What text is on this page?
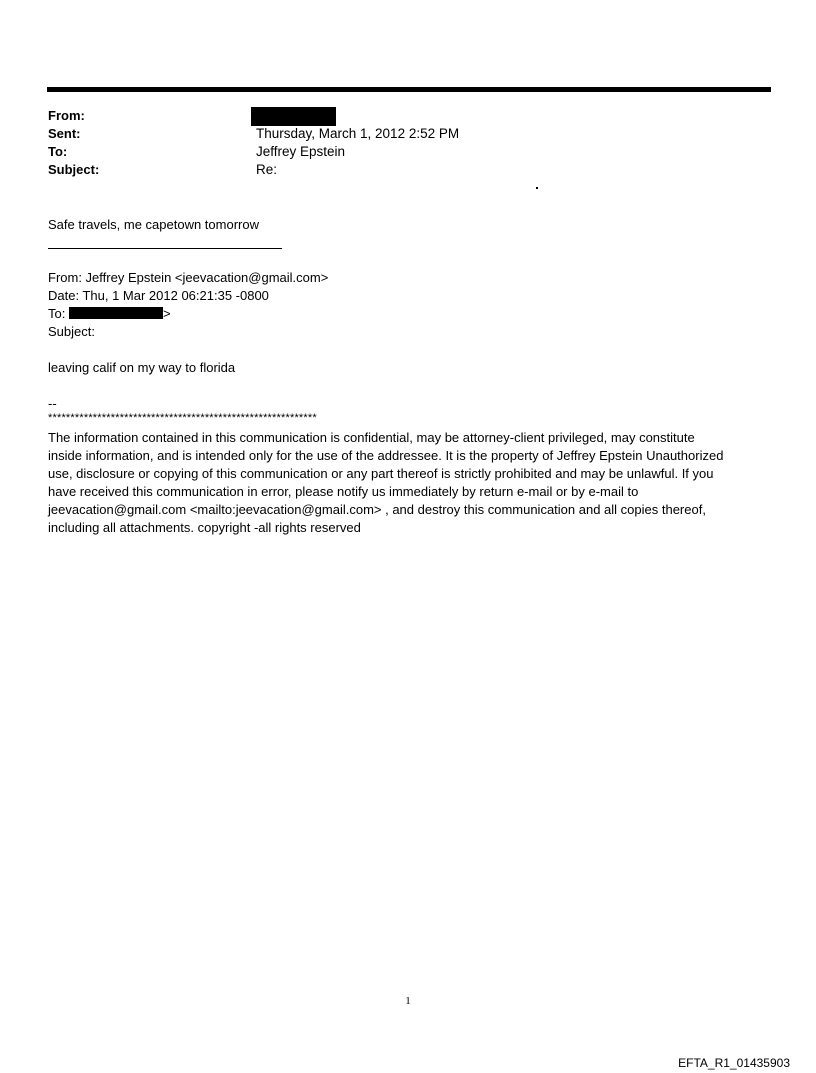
From:
Sent:	Thursday, March 1, 2012 2:52 PM
To:	Jeffrey Epstein
Subject:	Re:
Safe travels, me capetown tomorrow
From: Jeffrey Epstein <jeevacation@gmail.com>
Date: Thu, 1 Mar 2012 06:21:35 -0800
To:	>
Subject:
leaving calif on my way to florida
--
************************************************************
The information contained in this communication is confidential, may be attorney-client privileged, may constitute
inside information, and is intended only for the use of the addressee. It is the property of Jeffrey Epstein Unauthorized
use, disclosure or copying of this communication or any part thereof is strictly prohibited and may be unlawful. If you
have received this communication in error, please notify us immediately by return e-mail or by e-mail to
jeevacation@gmail.com <mailto:jeevacation@gmail.com> , and destroy this communication and all copies thereof,
including all attachments. copyright -all rights reserved
1
EFTA_R1_01435903
